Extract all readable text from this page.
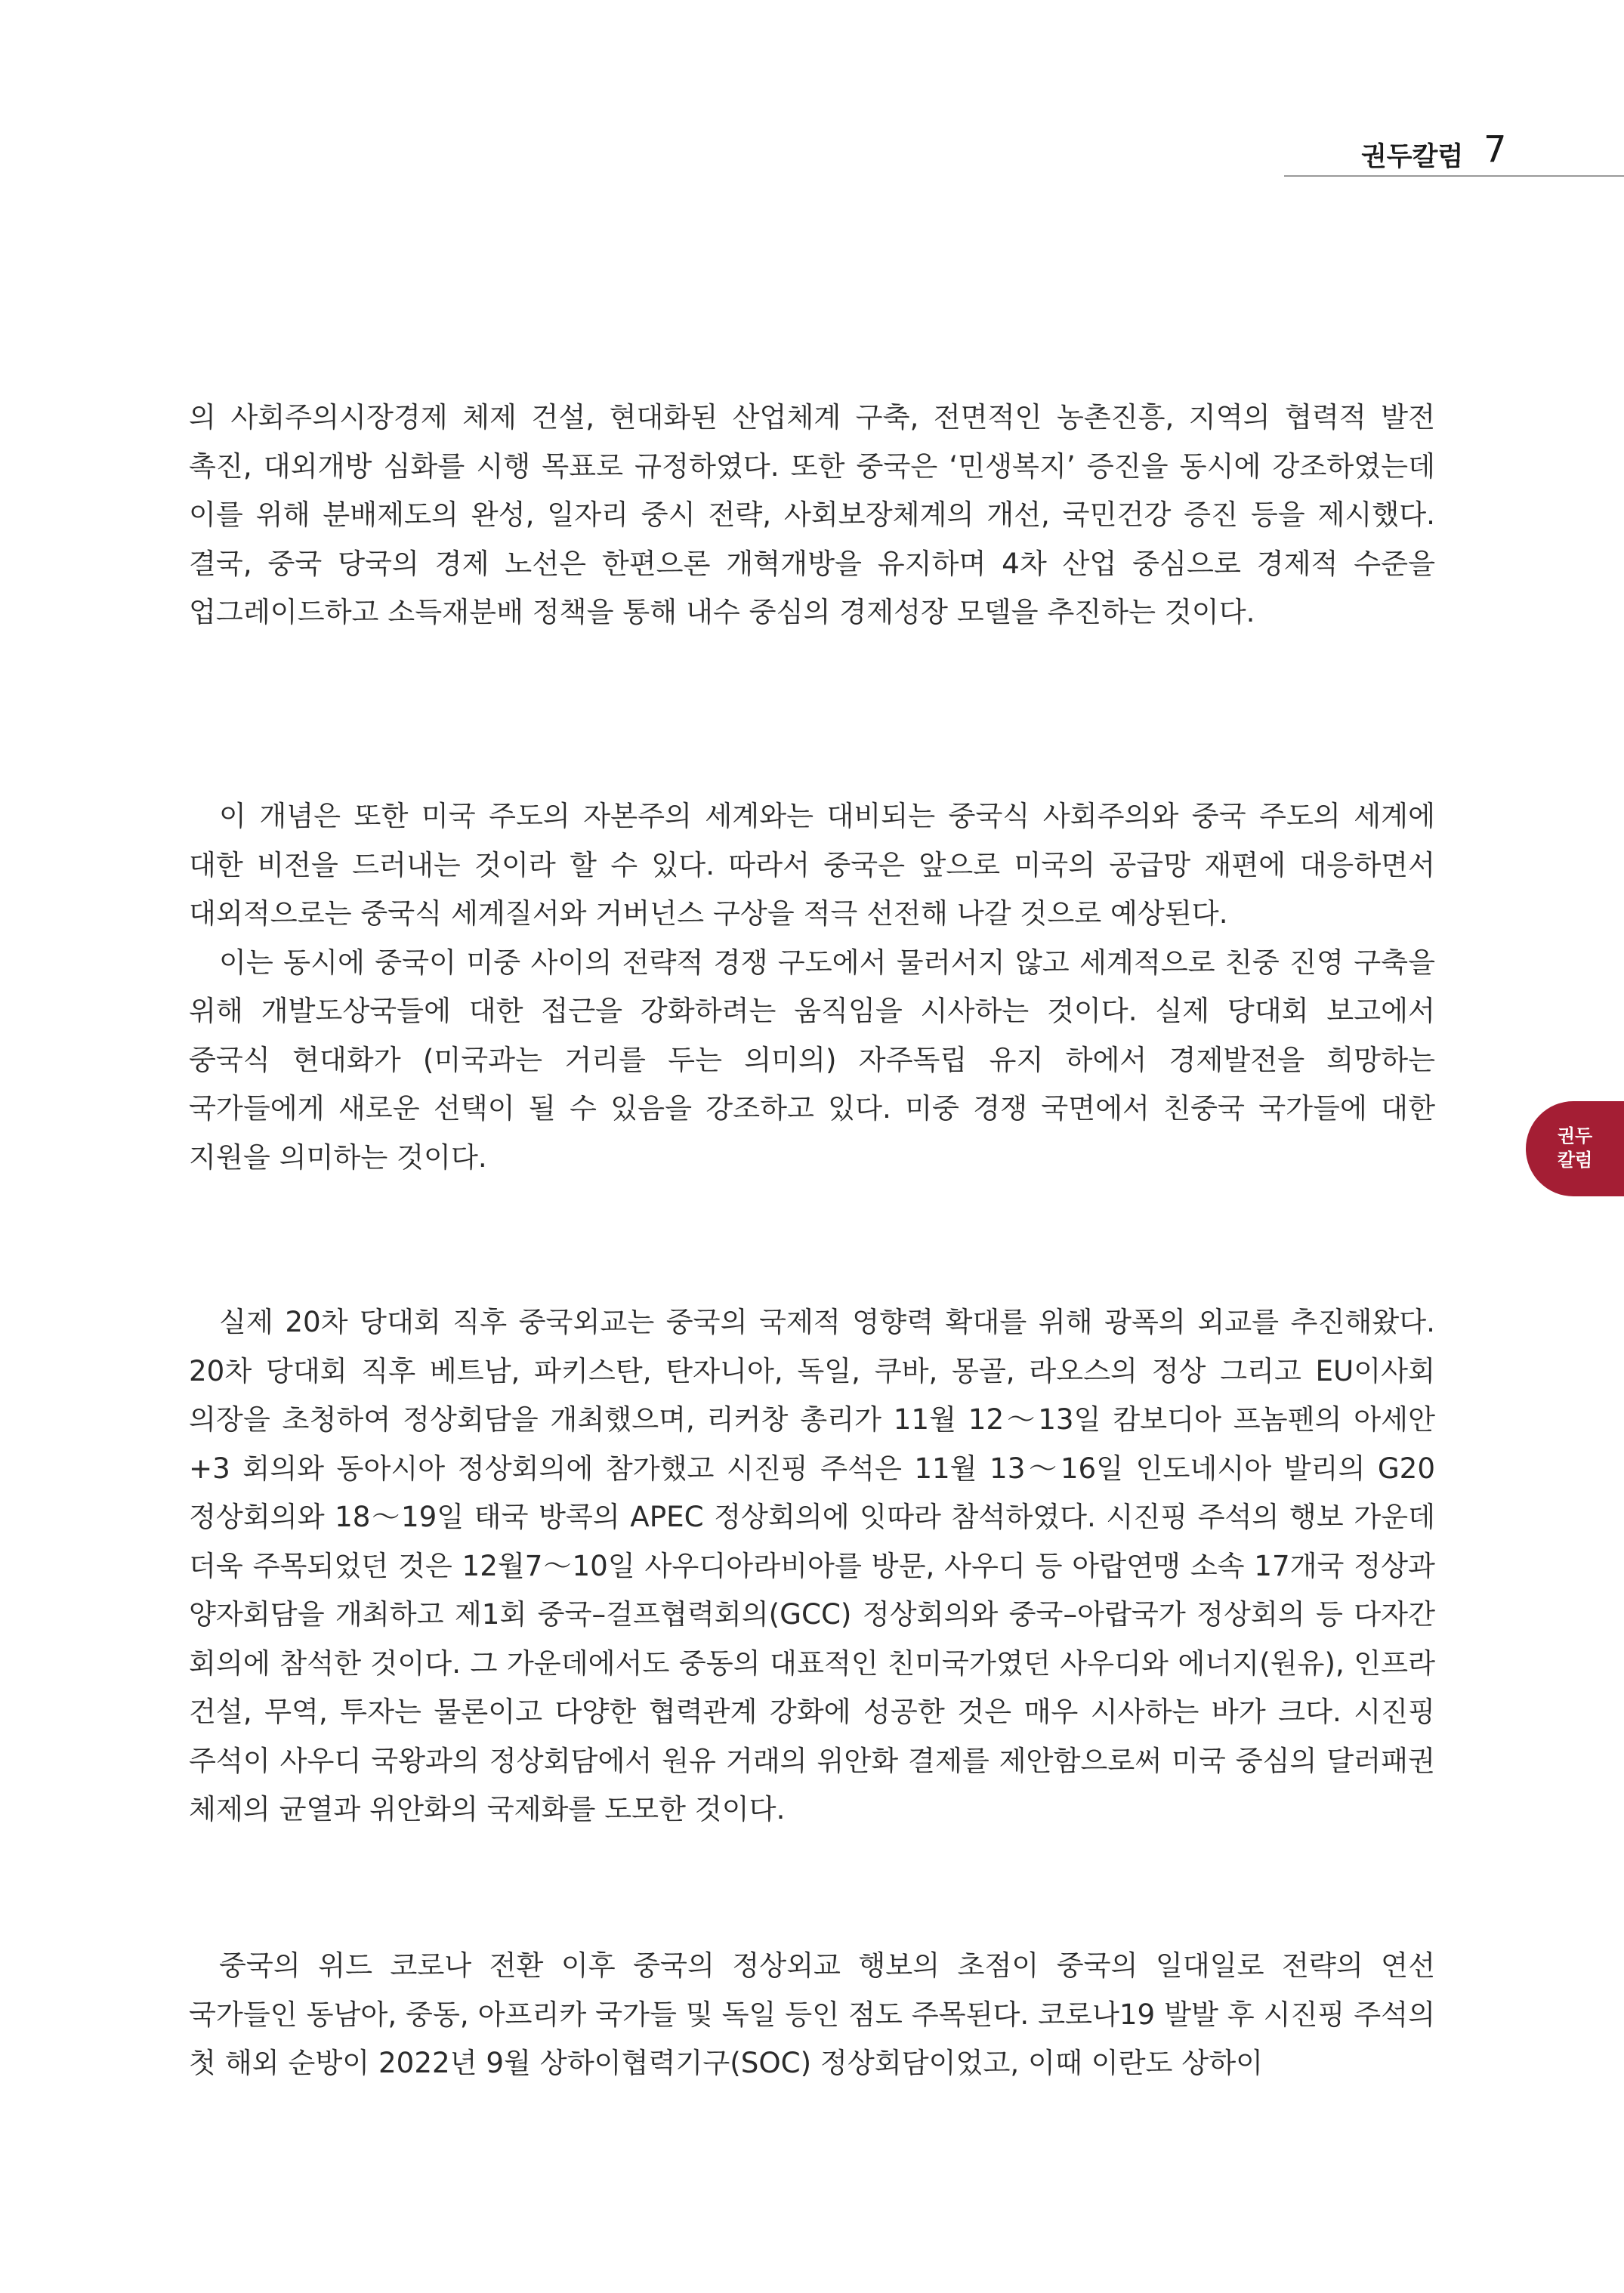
권두칼럼 7

의 사회주의시장경제 체제 건설, 현대화된 산업체계 구축, 전면적인 농촌진흥, 지역의 협력적 발전 촉진, 대외개방 심화를 시행 목표로 규정하였다. 또한 중국은 ‘민생복지’ 증진을 동시에 강조하였는데 이를 위해 분배제도의 완성, 일자리 중시 전략, 사회보장체계의 개선, 국민건강 증진 등을 제시했다. 결국, 중국 당국의 경제 노선은 한편으론 개혁개방을 유지하며 4차 산업 중심으로 경제적 수준을 업그레이드하고 소득재분배 정책을 통해 내수 중심의 경제성장 모델을 추진하는 것이다.

이 개념은 또한 미국 주도의 자본주의 세계와는 대비되는 중국식 사회주의와 중국 주도의 세계에 대한 비전을 드러내는 것이라 할 수 있다. 따라서 중국은 앞으로 미국의 공급망 재편에 대응하면서 대외적으로는 중국식 세계질서와 거버넌스 구상을 적극 선전해 나갈 것으로 예상된다.

이는 동시에 중국이 미중 사이의 전략적 경쟁 구도에서 물러서지 않고 세계적으로 친중 진영 구축을 위해 개발도상국들에 대한 접근을 강화하려는 움직임을 시사하는 것이다. 실제 당대회 보고에서 중국식 현대화가 (미국과는 거리를 두는 의미의) 자주독립 유지 하에서 경제발전을 희망하는 국가들에게 새로운 선택이 될 수 있음을 강조하고 있다. 미중 경쟁 국면에서 친중국 국가들에 대한 지원을 의미하는 것이다.

실제 20차 당대회 직후 중국외교는 중국의 국제적 영향력 확대를 위해 광폭의 외교를 추진해왔다. 20차 당대회 직후 베트남, 파키스탄, 탄자니아, 독일, 쿠바, 몽골, 라오스의 정상 그리고 EU이사회 의장을 초청하여 정상회담을 개최했으며, 리커창 총리가 11월 12～13일 캄보디아 프놈펜의 아세안+3 회의와 동아시아 정상회의에 참가했고 시진핑 주석은 11월 13～16일 인도네시아 발리의 G20 정상회의와 18～19일 태국 방콕의 APEC 정상회의에 잇따라 참석하였다. 시진핑 주석의 행보 가운데 더욱 주목되었던 것은 12월7～10일 사우디아라비아를 방문, 사우디 등 아랍연맹 소속 17개국 정상과 양자회담을 개최하고 제1회 중국–걸프협력회의(GCC) 정상회의와 중국–아랍국가 정상회의 등 다자간 회의에 참석한 것이다. 그 가운데에서도 중동의 대표적인 친미국가였던 사우디와 에너지(원유), 인프라 건설, 무역, 투자는 물론이고 다양한 협력관계 강화에 성공한 것은 매우 시사하는 바가 크다. 시진핑 주석이 사우디 국왕과의 정상회담에서 원유 거래의 위안화 결제를 제안함으로써 미국 중심의 달러패권 체제의 균열과 위안화의 국제화를 도모한 것이다.

중국의 위드 코로나 전환 이후 중국의 정상외교 행보의 초점이 중국의 일대일로 전략의 연선 국가들인 동남아, 중동, 아프리카 국가들 및 독일 등인 점도 주목된다. 코로나19 발발 후 시진핑 주석의 첫 해외 순방이 2022년 9월 상하이협력기구(SOC) 정상회담이었고, 이때 이란도 상하이

권두
칼럼
